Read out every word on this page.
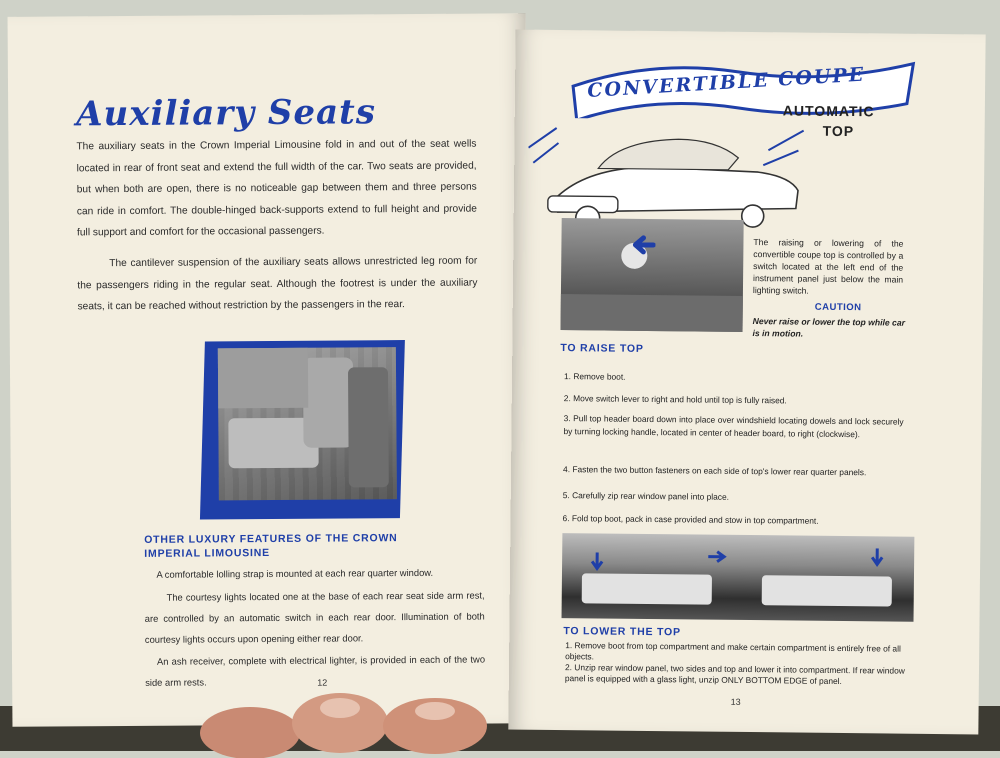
Auxiliary Seats
The auxiliary seats in the Crown Imperial Limousine fold in and out of the seat wells located in rear of front seat and extend the full width of the car. Two seats are provided, but when both are open, there is no noticeable gap between them and three persons can ride in comfort. The double-hinged back-supports extend to full height and provide full support and comfort for the occasional passengers.
The cantilever suspension of the auxiliary seats allows unrestricted leg room for the passengers riding in the regular seat. Although the footrest is under the auxiliary seats, it can be reached without restriction by the passengers in the rear.
OTHER LUXURY FEATURES OF THE CROWN IMPERIAL LIMOUSINE
A comfortable lolling strap is mounted at each rear quarter window.
The courtesy lights located one at the base of each rear seat side arm rest, are controlled by an automatic switch in each rear door. Illumination of both courtesy lights occurs upon opening either rear door.
An ash receiver, complete with electrical lighter, is provided in each of the two side arm rests.	12
CONVERTIBLE COUPE
AUTOMATIC
TOP
The raising or lowering of the convertible coupe top is controlled by a switch located at the left end of the instrument panel just below the main lighting switch.
CAUTION
Never raise or lower the top while car is in motion.
TO RAISE TOP
1. Remove boot.
2. Move switch lever to right and hold until top is fully raised.
3. Pull top header board down into place over windshield locating dowels and lock securely by turning locking handle, located in center of header board, to right (clockwise).
4. Fasten the two button fasteners on each side of top's lower rear quarter panels.
5. Carefully zip rear window panel into place.
6. Fold top boot, pack in case provided and stow in top compartment.
TO LOWER THE TOP
1. Remove boot from top compartment and make certain compartment is entirely free of all objects.
2. Unzip rear window panel, two sides and top and lower it into compartment. If rear window panel is equipped with a glass light, unzip ONLY BOTTOM EDGE of panel.
13
